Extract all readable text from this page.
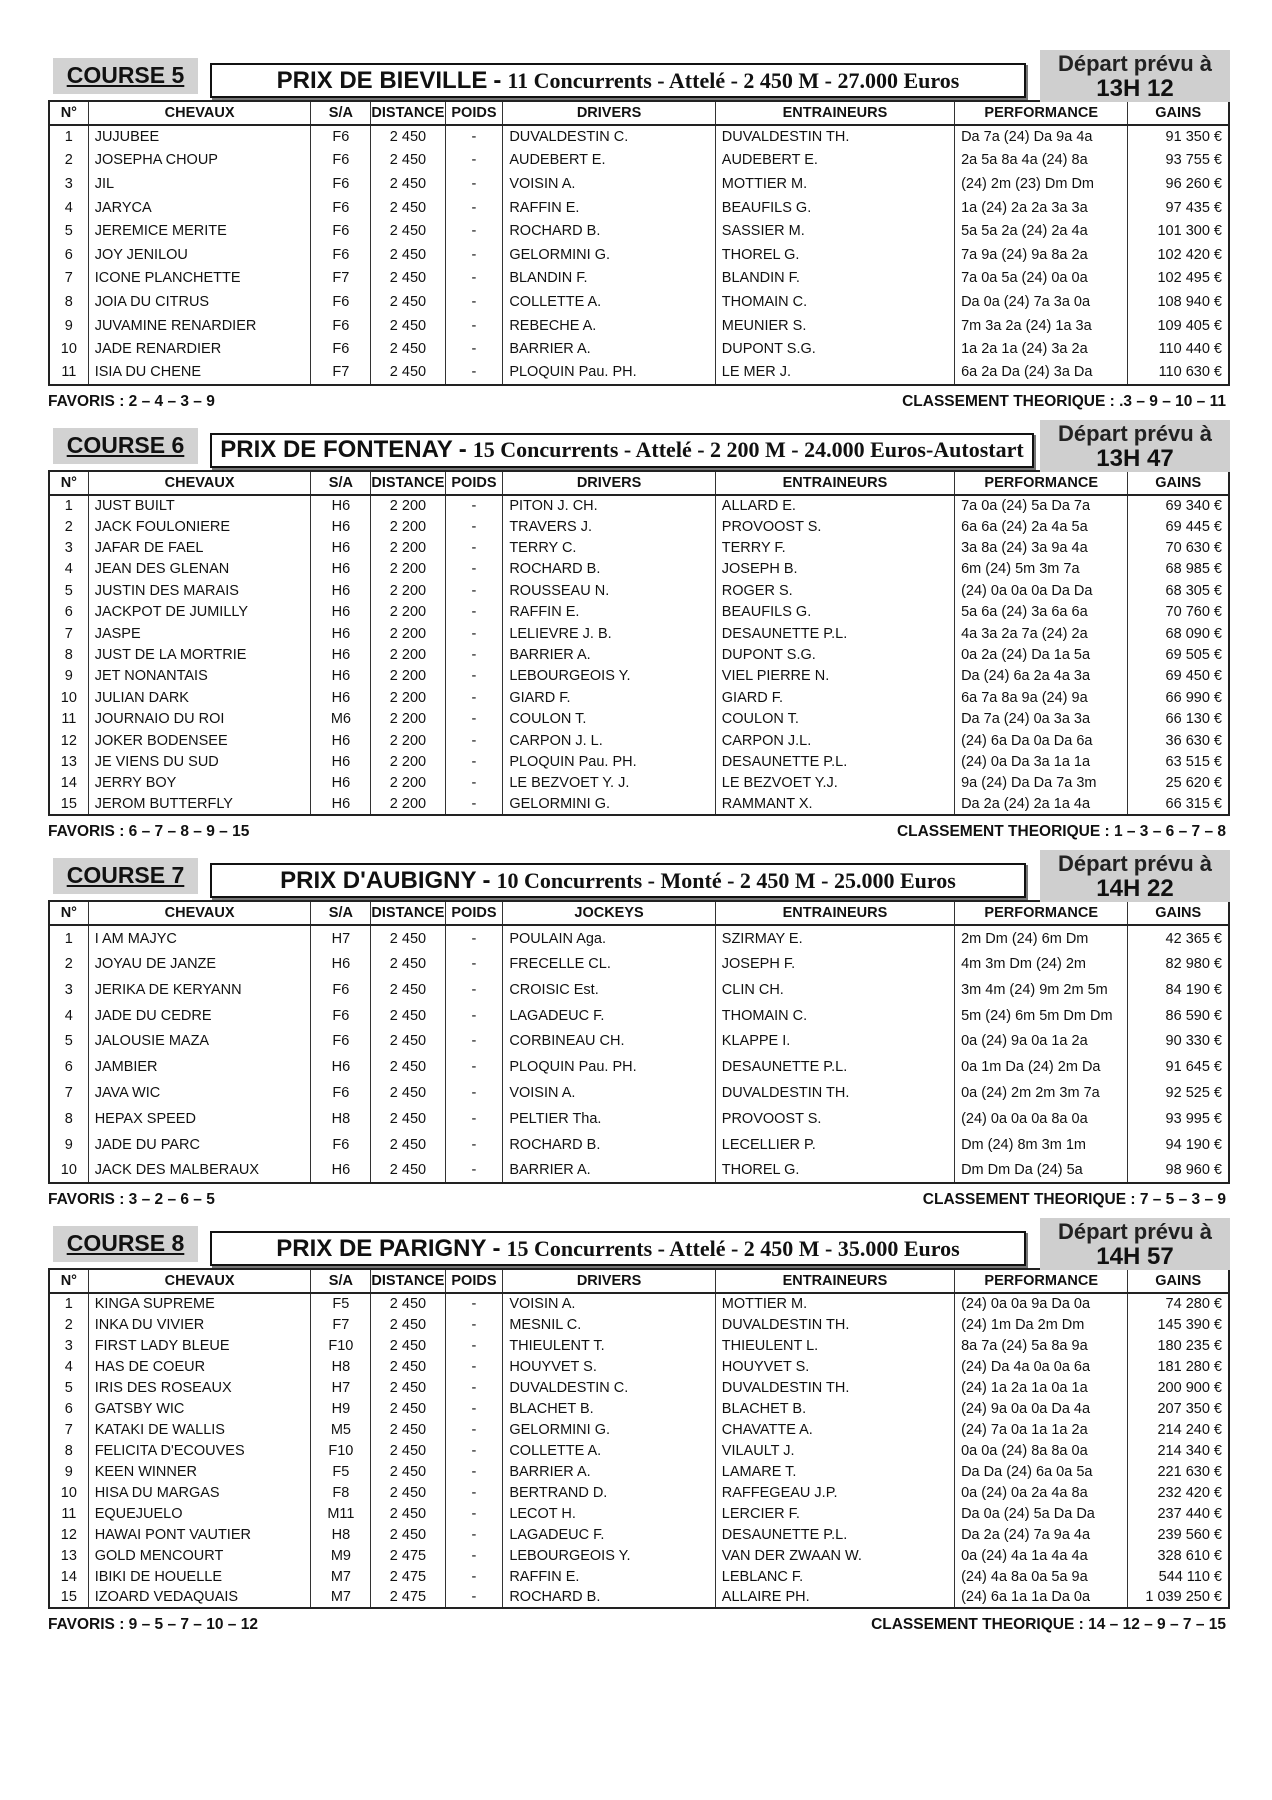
COURSE 5	PRIX DE BIEVILLE - 11 Concurrents - Attelé - 2 450 M - 27.000 Euros
Départ prévu à
13H 12
N°	CHEVAUX	S/A	DISTANCE	POIDS	DRIVERS	ENTRAINEURS	PERFORMANCE	GAINS
1	JUJUBEE	F6	2 450	-	DUVALDESTIN C.	DUVALDESTIN TH.	Da 7a (24) Da 9a 4a	91 350 €
2	JOSEPHA CHOUP	F6	2 450	-	AUDEBERT E.	AUDEBERT E.	2a 5a 8a 4a (24) 8a	93 755 €
3	JIL	F6	2 450	-	VOISIN A.	MOTTIER M.	(24) 2m (23) Dm Dm	96 260 €
4	JARYCA	F6	2 450	-	RAFFIN E.	BEAUFILS G.	1a (24) 2a 2a 3a 3a	97 435 €
5	JEREMICE MERITE	F6	2 450	-	ROCHARD B.	SASSIER M.	5a 5a 2a (24) 2a 4a	101 300 €
6	JOY JENILOU	F6	2 450	-	GELORMINI G.	THOREL G.	7a 9a (24) 9a 8a 2a	102 420 €
7	ICONE PLANCHETTE	F7	2 450	-	BLANDIN F.	BLANDIN F.	7a 0a 5a (24) 0a 0a	102 495 €
8	JOIA DU CITRUS	F6	2 450	-	COLLETTE A.	THOMAIN C.	Da 0a (24) 7a 3a 0a	108 940 €
9	JUVAMINE RENARDIER	F6	2 450	-	REBECHE A.	MEUNIER S.	7m 3a 2a (24) 1a 3a	109 405 €
10	JADE RENARDIER	F6	2 450	-	BARRIER A.	DUPONT S.G.	1a 2a 1a (24) 3a 2a	110 440 €
11	ISIA DU CHENE	F7	2 450	-	PLOQUIN Pau. PH.	LE MER J.	6a 2a Da (24) 3a Da	110 630 €
FAVORIS : 2 – 4 – 3 – 9	CLASSEMENT THEORIQUE : .3 – 9 – 10 – 11
COURSE 6	PRIX DE FONTENAY - 15 Concurrents - Attelé - 2 200 M - 24.000 Euros-Autostart
Départ prévu à
13H 47
N°	CHEVAUX	S/A	DISTANCE	POIDS	DRIVERS	ENTRAINEURS	PERFORMANCE	GAINS
1	JUST BUILT	H6	2 200	-	PITON J. CH.	ALLARD E.	7a 0a (24) 5a Da 7a	69 340 €
2	JACK FOULONIERE	H6	2 200	-	TRAVERS J.	PROVOOST S.	6a 6a (24) 2a 4a 5a	69 445 €
3	JAFAR DE FAEL	H6	2 200	-	TERRY C.	TERRY F.	3a 8a (24) 3a 9a 4a	70 630 €
4	JEAN DES GLENAN	H6	2 200	-	ROCHARD B.	JOSEPH B.	6m (24) 5m 3m 7a	68 985 €
5	JUSTIN DES MARAIS	H6	2 200	-	ROUSSEAU N.	ROGER S.	(24) 0a 0a 0a Da Da	68 305 €
6	JACKPOT DE JUMILLY	H6	2 200	-	RAFFIN E.	BEAUFILS G.	5a 6a (24) 3a 6a 6a	70 760 €
7	JASPE	H6	2 200	-	LELIEVRE J. B.	DESAUNETTE P.L.	4a 3a 2a 7a (24) 2a	68 090 €
8	JUST DE LA MORTRIE	H6	2 200	-	BARRIER A.	DUPONT S.G.	0a 2a (24) Da 1a 5a	69 505 €
9	JET NONANTAIS	H6	2 200	-	LEBOURGEOIS Y.	VIEL PIERRE N.	Da (24) 6a 2a 4a 3a	69 450 €
10	JULIAN DARK	H6	2 200	-	GIARD F.	GIARD F.	6a 7a 8a 9a (24) 9a	66 990 €
11	JOURNAIO DU ROI	M6	2 200	-	COULON T.	COULON T.	Da 7a (24) 0a 3a 3a	66 130 €
12	JOKER BODENSEE	H6	2 200	-	CARPON J. L.	CARPON J.L.	(24) 6a Da 0a Da 6a	36 630 €
13	JE VIENS DU SUD	H6	2 200	-	PLOQUIN Pau. PH.	DESAUNETTE P.L.	(24) 0a Da 3a 1a 1a	63 515 €
14	JERRY BOY	H6	2 200	-	LE BEZVOET Y. J.	LE BEZVOET Y.J.	9a (24) Da Da 7a 3m	25 620 €
15	JEROM BUTTERFLY	H6	2 200	-	GELORMINI G.	RAMMANT X.	Da 2a (24) 2a 1a 4a	66 315 €
FAVORIS : 6 – 7 – 8 – 9 – 15	CLASSEMENT THEORIQUE : 1 – 3 – 6 – 7 – 8
COURSE 7	PRIX D'AUBIGNY - 10 Concurrents - Monté - 2 450 M - 25.000 Euros
Départ prévu à
14H 22
N°	CHEVAUX	S/A	DISTANCE	POIDS	JOCKEYS	ENTRAINEURS	PERFORMANCE	GAINS
1	I AM MAJYC	H7	2 450	-	POULAIN Aga.	SZIRMAY E.	2m Dm (24) 6m Dm	42 365 €
2	JOYAU DE JANZE	H6	2 450	-	FRECELLE CL.	JOSEPH F.	4m 3m Dm (24) 2m	82 980 €
3	JERIKA DE KERYANN	F6	2 450	-	CROISIC Est.	CLIN CH.	3m 4m (24) 9m 2m 5m	84 190 €
4	JADE DU CEDRE	F6	2 450	-	LAGADEUC F.	THOMAIN C.	5m (24) 6m 5m Dm Dm	86 590 €
5	JALOUSIE MAZA	F6	2 450	-	CORBINEAU CH.	KLAPPE I.	0a (24) 9a 0a 1a 2a	90 330 €
6	JAMBIER	H6	2 450	-	PLOQUIN Pau. PH.	DESAUNETTE P.L.	0a 1m Da (24) 2m Da	91 645 €
7	JAVA WIC	F6	2 450	-	VOISIN A.	DUVALDESTIN TH.	0a (24) 2m 2m 3m 7a	92 525 €
8	HEPAX SPEED	H8	2 450	-	PELTIER Tha.	PROVOOST S.	(24) 0a 0a 0a 8a 0a	93 995 €
9	JADE DU PARC	F6	2 450	-	ROCHARD B.	LECELLIER P.	Dm (24) 8m 3m 1m	94 190 €
10	JACK DES MALBERAUX	H6	2 450	-	BARRIER A.	THOREL G.	Dm Dm Da (24) 5a	98 960 €
FAVORIS : 3 – 2 – 6 – 5	CLASSEMENT THEORIQUE : 7 – 5 – 3 – 9
COURSE 8	PRIX DE PARIGNY - 15 Concurrents - Attelé - 2 450 M - 35.000 Euros
Départ prévu à
14H 57
N°	CHEVAUX	S/A	DISTANCE	POIDS	DRIVERS	ENTRAINEURS	PERFORMANCE	GAINS
1	KINGA SUPREME	F5	2 450	-	VOISIN A.	MOTTIER M.	(24) 0a 0a 9a Da 0a	74 280 €
2	INKA DU VIVIER	F7	2 450	-	MESNIL C.	DUVALDESTIN TH.	(24) 1m Da 2m Dm	145 390 €
3	FIRST LADY BLEUE	F10	2 450	-	THIEULENT T.	THIEULENT L.	8a 7a (24) 5a 8a 9a	180 235 €
4	HAS DE COEUR	H8	2 450	-	HOUYVET S.	HOUYVET S.	(24) Da 4a 0a 0a 6a	181 280 €
5	IRIS DES ROSEAUX	H7	2 450	-	DUVALDESTIN C.	DUVALDESTIN TH.	(24) 1a 2a 1a 0a 1a	200 900 €
6	GATSBY WIC	H9	2 450	-	BLACHET B.	BLACHET B.	(24) 9a 0a 0a Da 4a	207 350 €
7	KATAKI DE WALLIS	M5	2 450	-	GELORMINI G.	CHAVATTE A.	(24) 7a 0a 1a 1a 2a	214 240 €
8	FELICITA D'ECOUVES	F10	2 450	-	COLLETTE A.	VILAULT J.	0a 0a (24) 8a 8a 0a	214 340 €
9	KEEN WINNER	F5	2 450	-	BARRIER A.	LAMARE T.	Da Da (24) 6a 0a 5a	221 630 €
10	HISA DU MARGAS	F8	2 450	-	BERTRAND D.	RAFFEGEAU J.P.	0a (24) 0a 2a 4a 8a	232 420 €
11	EQUEJUELO	M11	2 450	-	LECOT H.	LERCIER F.	Da 0a (24) 5a Da Da	237 440 €
12	HAWAI PONT VAUTIER	H8	2 450	-	LAGADEUC F.	DESAUNETTE P.L.	Da 2a (24) 7a 9a 4a	239 560 €
13	GOLD MENCOURT	M9	2 475	-	LEBOURGEOIS Y.	VAN DER ZWAAN W.	0a (24) 4a 1a 4a 4a	328 610 €
14	IBIKI DE HOUELLE	M7	2 475	-	RAFFIN E.	LEBLANC F.	(24) 4a 8a 0a 5a 9a	544 110 €
15	IZOARD VEDAQUAIS	M7	2 475	-	ROCHARD B.	ALLAIRE PH.	(24) 6a 1a 1a Da 0a	1 039 250 €
FAVORIS : 9 – 5 – 7 – 10 – 12	CLASSEMENT THEORIQUE : 14 – 12 – 9 – 7 – 15
